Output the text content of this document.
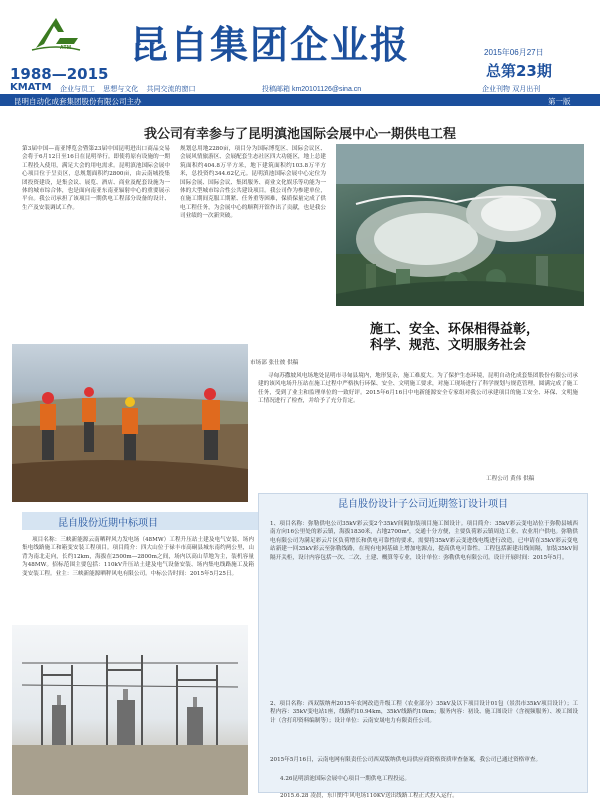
ATM 昆自集团企业报	2015年06月27日
总第23期
1988—2015
KMATM 企业与员工 思想与文化 共同交流的窗口	投稿邮箱 km20101126@sina.cn	企业刊物 双月出刊
昆明自动化成套集团股份有限公司主办	第一版
我公司有幸参与了昆明滇池国际会展中心一期供电工程
第3届中国—南亚博览会暨第23届中国昆明进出口商品交易会将于6月12日至16日在昆明举行。即使将原有设施的一期工程投入使用，满足大会的用电需求。昆明滇池国际会展中心项目位于呈贡区，总规划面积约2800亩，由云南城投集团投资建设，是集会议、展览、酒店、商业及配套设施为一体的城市综合体，也是面向南亚东南亚辐射中心的重要展示平台。我公司承担了该项目一期供电工程部分设备的设计、生产及安装调试工作。
规划总用地2280亩，项目分为国际博览区、国际会议区、会展风情旅游区、会展配套生态社区四大功能区，地上总建筑面积约404.8万平方米，地下建筑面积约103.8万平方米，总投资约344.62亿元。昆明滇池国际会展中心定位为国际会展、国际会议、集团服务、商业文化娱乐等功能为一体的大型城市综合性公共建设项目。我公司作为参建单位，在施工期间克服工期紧、任务重等困难，保质保量完成了供电工程任务，为会展中心的顺利开馆作出了贡献，也是我公司业绩的一次新突破。
市场部 张仕彼 供稿
施工、安全、环保相得益彰，
科学、规范、文明服务社会
寻甸苏撒坡风电场地处昆明市寻甸县境内，地形复杂，施工难度大。为了保护生态环境，昆明自动化成套集团股份有限公司承建的该风电场升压站在施工过程中严格执行环保、安全、文明施工要求，对施工现场进行了科学规划与规范管理，圆满完成了施工任务，受到了业主和监理单位的一致好评。2015年6月16日中电新能源安全专家组对我公司承建项目的施工安全、环保、文明施工情况进行了检查，并给予了充分肯定。
工程公司 黄伟 供稿
昆自股份近期中标项目
项目名称：三峡新能源云南晒秤风力发电场（48MW）工程升压站土建及电气安装、场内集电线路施工和箱变安装工程项目。项目简介：四大山位于禄丰市高硐县城东南约两公里，山背为南北走向，长约12km，海拔在2500m—2800m之间，场内以高山草地为主，装机容量为48MW。招标范围主要包括：110kV升压站土建及电气设备安装、场内集电线路施工及箱变安装工程。业主：三峡新能源晒秤风电有限公司。中标公告时间：2015年5月25日。
昆自股份设计子公司近期签订设计项目
1、项目名称：弥勒供电公司35kV彩云变2个35kV间隔加装项目施工图设计。项目简介：35kV彩云变电站位于弥勒县城西南方向16公里处的彩云镇，海拔1830米，占地2700m²，交通十分方便，主要负荷彩云镇周边工业、农业用户供电。弥勒供电有限公司为满足彩云片区负荷增长和供电可靠性的要求，需要将35kV彩云变进线电缆进行改造，已申请在35kV彩云变电站新建一回35kV彩云至弥勒线路，在现有电网基础上增加电源点，提高供电可靠性。工程包括新建出线间隔，加装35kV间隔开关柜，设计内容包括一次、二次、土建、概算等专业，设计单位：弥勒供电有限公司。设计开展时间：2015年5月。
2、项目名称：西双版纳州2015年农网改造升级工程（农业部分）35kV及以下项目设计01包（景洪市35kV项目设计）；工程内容：35kV变电站1座，线路约10.94km，35kV线路约10km；服务内容：初设、施工图设计（含视频服务）、竣工图设计（含打印资料编制等）；设计单位：云南安晟电力有限责任公司。
2015年5月16日，云南电网有限责任公司西双版纳供电局供应商资格资质审查备案，我公司已通过资格审查。
4.26昆明滇池国际会展中心项目一期供电工程投运。
2015.6.28 凌晨，东川野牛风电场110KV送出线路工程正式投入运行。
